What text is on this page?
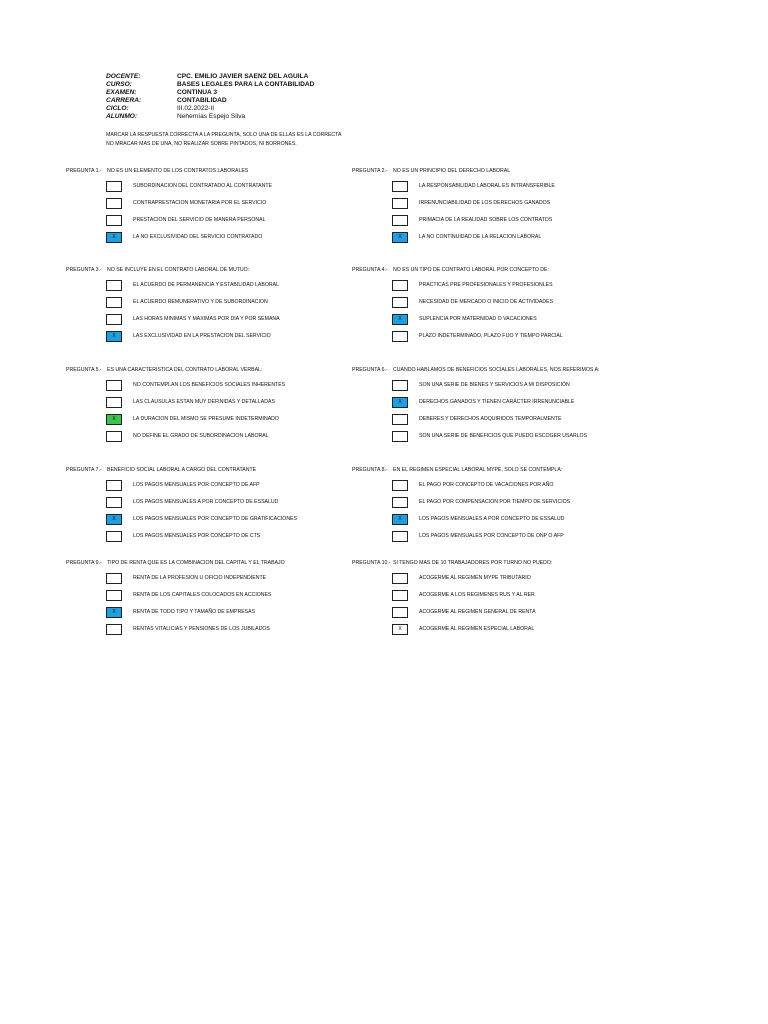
DOCENTE:	CPC. EMILIO JAVIER SAENZ DEL AGUILA
CURSO:	BASES LEGALES PARA LA CONTABILIDAD
EXAMEN:	CONTINUA 3
CARRERA:	CONTABILIDAD
CICLO:	III.02.2022-II
ALUNMO:	Nehemías Espejo Silva
MARCAR LA RESPUESTA CORRECTA A LA PREGUNTA, SOLO UNA DE ELLAS ES LA CORRECTA
NO MRACAR MAS DE UNA, NO REALIZAR SOBRE PINTADOS, NI BORRONES.
PREGUNTA 1.- NO ES UN ELEMENTO DE LOS CONTRATOS LABORALES
SUBORDINACION DEL CONTRATADO AL CONTRATANTE
CONTRAPRESTACION MONETARIA POR EL SERVICIO
PRESTACION DEL SERVICIO DE MANERA PERSONAL
X	LA NO EXCLUSIVIDAD DEL SERVICIO CONTRATADO
PREGUNTA 2.- NO ES UN PRINCIPIO DEL DERECHO LABORAL
LA RESPONSABILIDAD LABORAL ES INTRANSFERIBLE
IRRENUNCIABILIDAD DE LOS DERECHOS GANADOS
PRIMACIA DE LA REALIDAD SOBRE LOS CONTRATOS
X	LA NO CONTINUIDAD DE LA RELACION LABORAL
PREGUNTA 3.- NO SE INCLUYE EN EL CONTRATO LABORAL DE MUTUO:
EL ACUERDO DE PERMANENCIA Y ESTABILIDAD LABORAL
EL ACUERDO REMUNERATIVO Y DE SUBORDINACION
LAS HORAS MINIMAS Y MAXIMAS POR DIA Y POR SEMANA
X	LAS EXCLUSIVIDAD EN LA PRESTACION DEL SERVICIO
PREGUNTA 4.- NO ES UN TIPO DE CONTRATO LABORAL POR CONCEPTO DE:
PRACTICAS PRE PROFESIONALES Y PROFESIONLES
NECESIDAD DE MERCADO O INICIO DE ACTIVIDADES
X	SUPLENCIA POR MATERNIDAD O VACACIONES
PLAZO INDETERMINADO, PLAZO FIJO Y TIEMPO PARCIAL
PREGUNTA 5.- ES UNA CARACTERISTICA DEL CONTRATO LABORAL VERBAL:
NO CONTEMPLAN LOS BENEFICIOS SOCIALES INHERENTES
LAS CLAUSULAS ESTAN MUY DEFINIDAS Y DETALLADAS
X	LA DURACION DEL MISMO SE PRESUME INDETERMINADO
NO DEFINE EL GRADO DE SUBORDINACION LABORAL
PREGUNTA 6.- CUANDO HABLAMOS DE BENEFICIOS SOCIALES LABORALES, NOS REFERIMOS A:
SON UNA SERIE DE BIENES Y SERVICIOS A MI DISPOSICIÓN
X	DERECHOS GANADOS Y TIENEN CARÁCTER IRRENUNCIABLE
DEBERES Y DERECHOS ADQUIRIDOS TEMPORALMENTE
SON UNA SERIE DE BENEFICIOS QUE PUEDO ESCOGER USARLOS
PREGUNTA 7.- BENEFICIO SOCIAL LABORAL A CARGO DEL CONTRATANTE
LOS PAGOS MENSUALES POR CONCEPTO DE AFP
LOS PAGOS MENSUALES A POR CONCEPTO DE ESSALUD
X	LOS PAGOS MENSUALES POR CONCEPTO DE GRATIFICACIONES
LOS PAGOS MENSUALES POR CONCEPTO DE CTS
PREGUNTA 8.- EN EL REGIMEN ESPECIAL LABORAL MYPE, SOLO SE CONTEMPLA:
EL PAGO POR CONCEPTO DE VACACIONES POR AÑO
EL PAGO POR COMPENSACION POR TIEMPO DE SERVICIOS
X	LOS PAGOS MENSUALES A POR CONCEPTO DE ESSALUD
LOS PAGOS MENSUALES POR CONCEPTO DE ONP O AFP
PREGUNTA 9.- TIPO DE RENTA QUE ES LA COMBINACION DEL CAPITAL Y EL TRABAJO
RENTA DE LA PROFESION U OFICIO INDEPENDIENTE
RENTA DE LOS CAPITALES COLOCADOS EN ACCIONES
X	RENTA DE TODO TIPO Y TAMAÑO DE EMPRESAS
RENTAS VITALICIAS Y PENSIONES DE LOS JUBILADOS
PREGUNTA 10.- SI TENGO MAS DE 10 TRABAJADORES POR TURNO NO PUEDO:
ACOGERME AL REGIMEN MYPE TRIBUTARIO
ACOGERME A LOS REGIMENES RUS Y AL RER
ACOGERME AL REGIMEN GENERAL DE RENTA
X	ACOGERME AL REGIMEN ESPECIAL LABORAL
